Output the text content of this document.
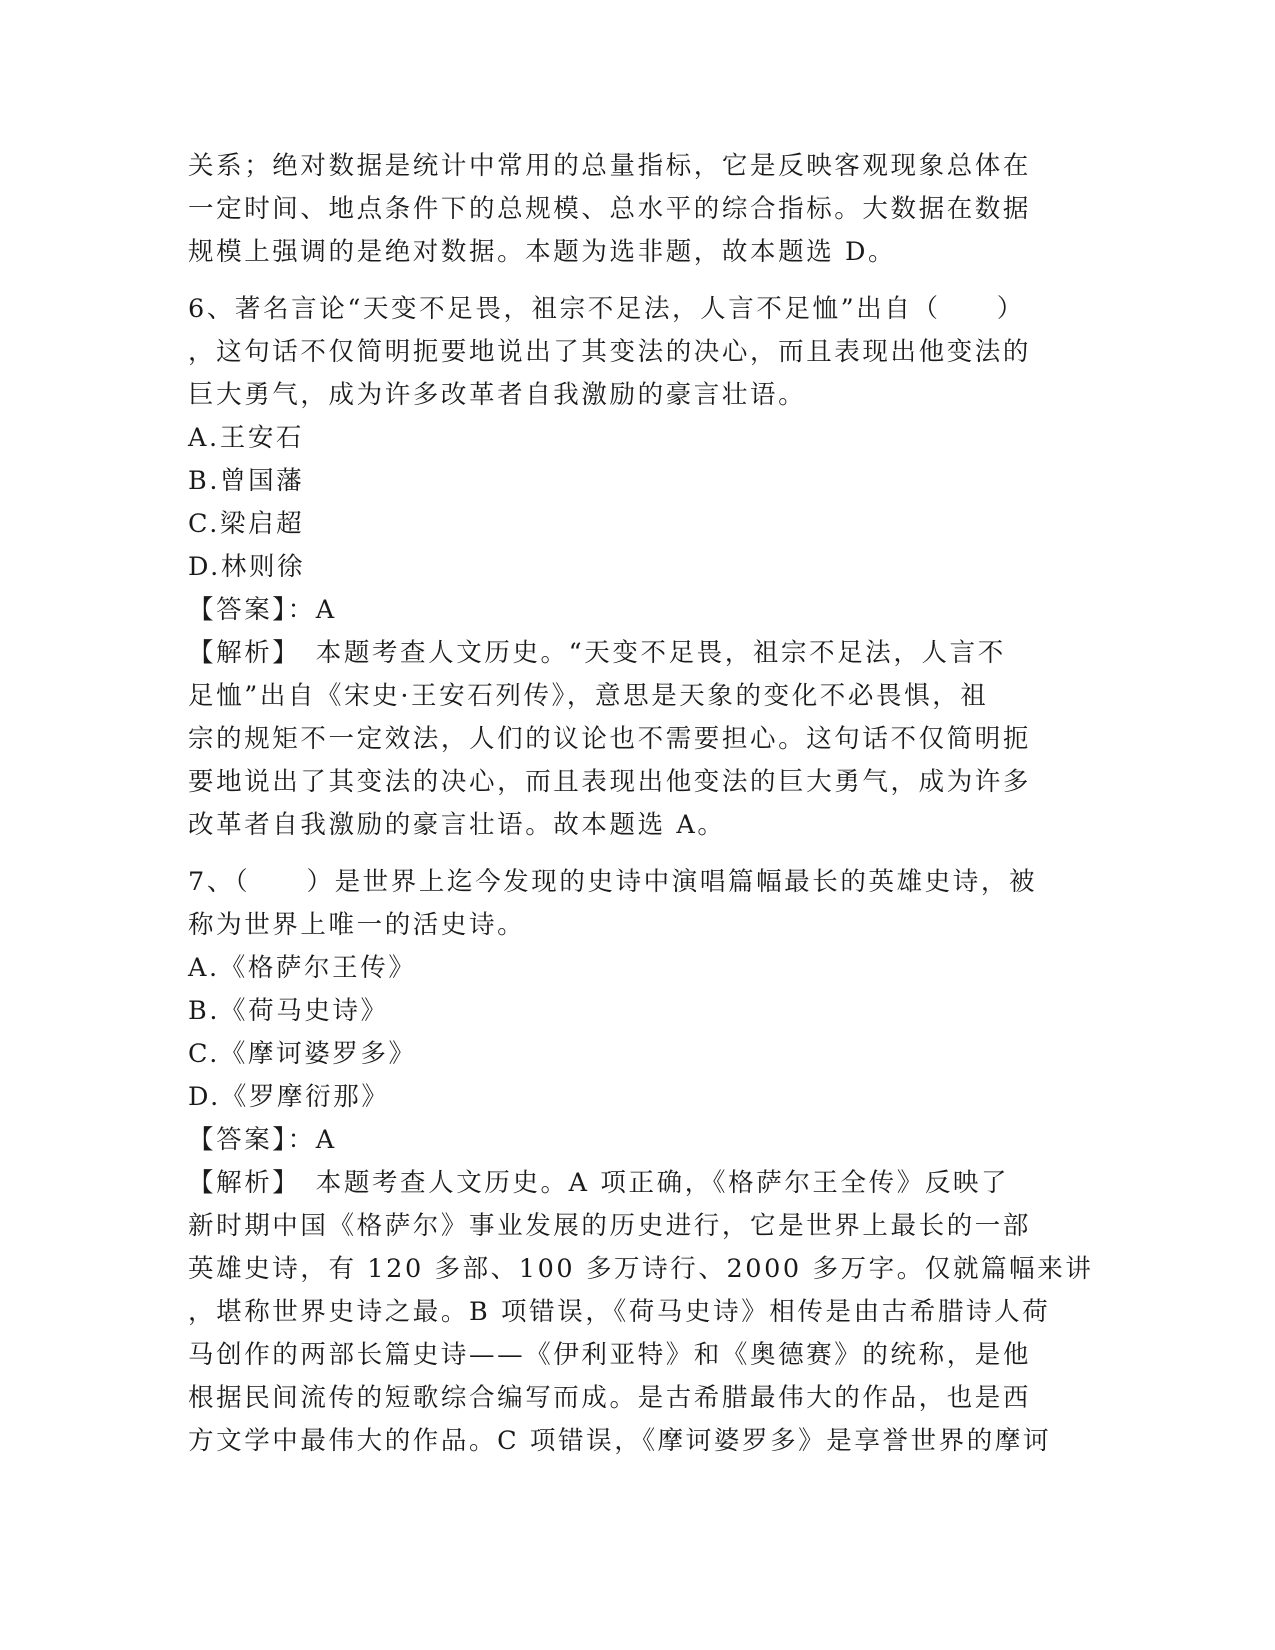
关系；绝对数据是统计中常用的总量指标，它是反映客观现象总体在
一定时间、地点条件下的总规模、总水平的综合指标。大数据在数据
规模上强调的是绝对数据。本题为选非题，故本题选 D。
6、著名言论“天变不足畏，祖宗不足法，人言不足恤”出自（　　）
，这句话不仅简明扼要地说出了其变法的决心，而且表现出他变法的
巨大勇气，成为许多改革者自我激励的豪言壮语。
A.王安石
B.曾国藩
C.梁启超
D.林则徐
【答案】：A
【解析】　本题考查人文历史。“天变不足畏，祖宗不足法，人言不
足恤”出自《宋史·王安石列传》，意思是天象的变化不必畏惧，祖
宗的规矩不一定效法，人们的议论也不需要担心。这句话不仅简明扼
要地说出了其变法的决心，而且表现出他变法的巨大勇气，成为许多
改革者自我激励的豪言壮语。故本题选 A。
7、（　　）是世界上迄今发现的史诗中演唱篇幅最长的英雄史诗，被
称为世界上唯一的活史诗。
A.《格萨尔王传》
B.《荷马史诗》
C.《摩诃婆罗多》
D.《罗摩衍那》
【答案】：A
【解析】　本题考查人文历史。A 项正确，《格萨尔王全传》反映了
新时期中国《格萨尔》事业发展的历史进行，它是世界上最长的一部
英雄史诗，有 120 多部、100 多万诗行、2000 多万字。仅就篇幅来讲
，堪称世界史诗之最。B 项错误，《荷马史诗》相传是由古希腊诗人荷
马创作的两部长篇史诗——《伊利亚特》和《奥德赛》的统称，是他
根据民间流传的短歌综合编写而成。是古希腊最伟大的作品，也是西
方文学中最伟大的作品。C 项错误，《摩诃婆罗多》是享誉世界的摩诃
